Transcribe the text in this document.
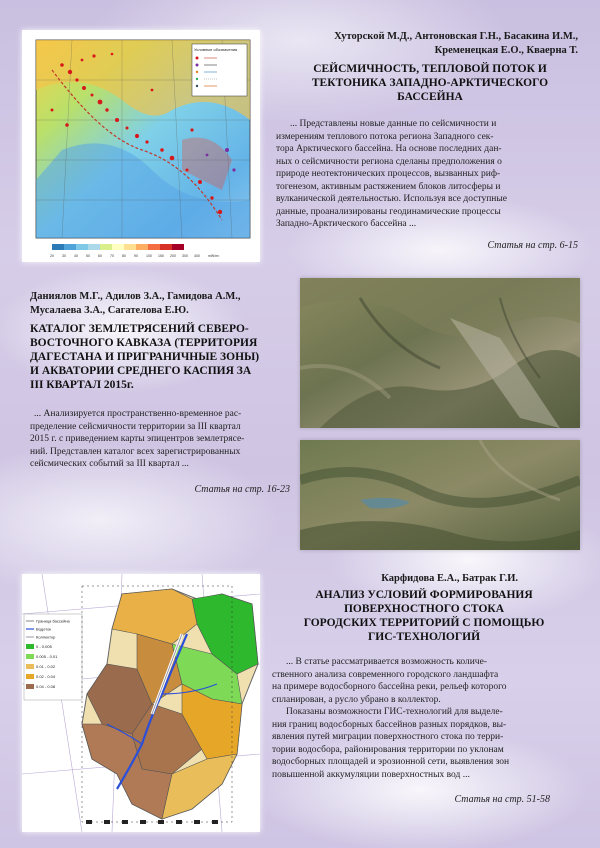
Условные обозначения
20 30 40 50 60 70 80 90 100 150 200 300 400 mW/m²
Хуторской М.Д., Антоновская Г.Н., Басакина И.М.,
Кременецкая Е.О., Кваерна Т.
СЕЙСМИЧНОСТЬ, ТЕПЛОВОЙ ПОТОК И
ТЕКТОНИКА ЗАПАДНО-АРКТИЧЕСКОГО
БАССЕЙНА
... Представлены новые данные по сейсмичности и
измерениям теплового потока региона Западного сек-
тора Арктического бассейна. На основе последних дан-
ных о сейсмичности региона сделаны предположения о
природе неотектонических процессов, вызванных риф-
тогенезом, активным растяжением блоков литосферы и
вулканической деятельностью. Используя все доступные
данные, проанализированы геодинамические процессы
Западно-Арктического бассейна ...
Статья на стр. 6-15
Даниялов М.Г., Адилов З.А., Гамидова А.М.,
Мусалаева З.А., Сагателова Е.Ю.
КАТАЛОГ ЗЕМЛЕТРЯСЕНИЙ СЕВЕРО-
ВОСТОЧНОГО КАВКАЗА (ТЕРРИТОРИЯ
ДАГЕСТАНА И ПРИГРАНИЧНЫЕ ЗОНЫ)
И АКВАТОРИИ СРЕДНЕГО КАСПИЯ ЗА
III КВАРТАЛ 2015г.
... Анализируется пространственно-временное рас-
пределение сейсмичности территории за III квартал
2015 г. с приведением карты эпицентров землетрясе-
ний. Представлен каталог всех зарегистрированных
сейсмических событий за III квартал ...
Статья на стр. 16-23
Граница бассейна
Водоток
Коллектор
0 - 0.005
0.005 - 0.01
0.01 - 0.02
0.02 - 0.04
0.04 - 0.08
Карфидова Е.А., Батрак Г.И.
АНАЛИЗ УСЛОВИЙ ФОРМИРОВАНИЯ
ПОВЕРХНОСТНОГО СТОКА
ГОРОДСКИХ ТЕРРИТОРИЙ С ПОМОЩЬЮ
ГИС-ТЕХНОЛОГИЙ
... В статье рассматривается возможность количе-
ственного анализа современного городского ландшафта
на примере водосборного бассейна реки, рельеф которого
спланирован, а русло убрано в коллектор.
Показаны возможности ГИС-технологий для выделе-
ния границ водосборных бассейнов разных порядков, вы-
явления путей миграции поверхностного стока по терри-
тории водосбора, районирования территории по уклонам
водосборных площадей и эрозионной сети, выявления зон
повышенной аккумуляции поверхностных вод ...
Статья на стр. 51-58
